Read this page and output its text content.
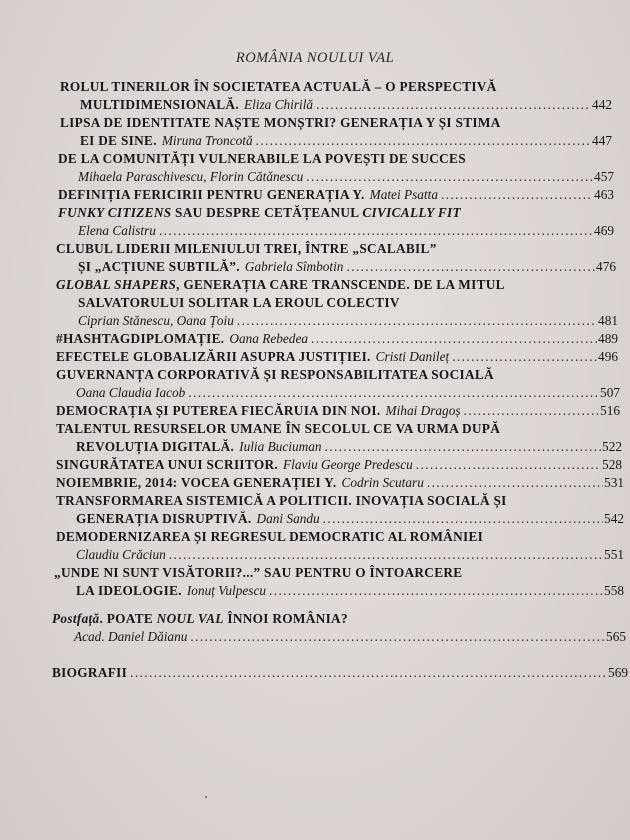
ROMÂNIA NOULUI VAL
ROLUL TINERILOR ÎN SOCIETATEA ACTUALĂ – O PERSPECTIVĂ
MULTIDIMENSIONALĂ. Eliza Chirilă .....	442
LIPSA DE IDENTITATE NAȘTE MONȘTRI? GENERAȚIA Y ȘI STIMA
EI DE SINE. Miruna Troncotă .....	447
DE LA COMUNITĂȚI VULNERABILE LA POVEȘTI DE SUCCES
Mihaela Paraschivescu, Florin Cătănescu .....	457
DEFINIȚIA FERICIRII PENTRU GENERAȚIA Y. Matei Psatta .....	463
FUNKY CITIZENS SAU DESPRE CETĂȚEANUL CIVICALLY FIT
Elena Calistru .....	469
CLUBUL LIDERII MILENIULUI TREI, ÎNTRE „SCALABIL”
ȘI „ACȚIUNE SUBTILĂ”. Gabriela Sîmbotin .....	476
GLOBAL SHAPERS, GENERAȚIA CARE TRANSCENDE. DE LA MITUL
SALVATORULUI SOLITAR LA EROUL COLECTIV
Ciprian Stănescu, Oana Țoiu .....	481
#HASHTAGDIPLOMAȚIE. Oana Rebedea .....	489
EFECTELE GLOBALIZĂRII ASUPRA JUSTIȚIEI. Cristi Danileț .....	496
GUVERNANȚA CORPORATIVĂ ȘI RESPONSABILITATEA SOCIALĂ
Oana Claudia Iacob .....	507
DEMOCRAȚIA ȘI PUTEREA FIECĂRUIA DIN NOI. Mihai Dragoș .....	516
TALENTUL RESURSELOR UMANE ÎN SECOLUL CE VA URMA DUPĂ
REVOLUȚIA DIGITALĂ. Iulia Buciuman .....	522
SINGURĂTATEA UNUI SCRIITOR. Flaviu George Predescu .....	528
NOIEMBRIE, 2014: VOCEA GENERAȚIEI Y. Codrin Scutaru .....	531
TRANSFORMAREA SISTEMICĂ A POLITICII. INOVAȚIA SOCIALĂ ȘI
GENERAȚIA DISRUPTIVĂ. Dani Sandu .....	542
DEMODERNIZAREA ȘI REGRESUL DEMOCRATIC AL ROMÂNIEI
Claudiu Crăciun .....	551
„UNDE NI SUNT VISĂTORII?...” SAU PENTRU O ÎNTOARCERE
LA IDEOLOGIE. Ionuț Vulpescu .....	558
Postfață. POATE NOUL VAL ÎNNOI ROMÂNIA?
Acad. Daniel Dăianu .....	565
BIOGRAFII .....	569
